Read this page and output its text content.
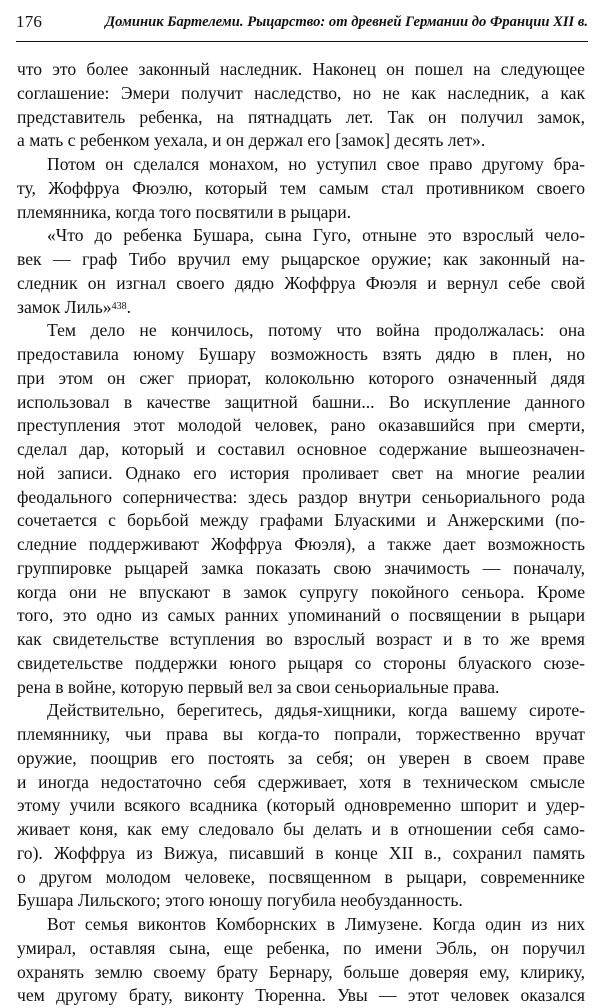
176	Доминик Бартелеми. Рыцарство: от древней Германии до Франции XII в.
что это более законный наследник. Наконец он пошел на следующее
соглашение: Эмери получит наследство, но не как наследник, а как
представитель ребенка, на пятнадцать лет. Так он получил замок,
а мать с ребенком уехала, и он держал его [замок] десять лет».
Потом он сделался монахом, но уступил свое право другому бра-
ту, Жоффруа Фюэлю, который тем самым стал противником своего
племянника, когда того посвятили в рыцари.
«Что до ребенка Бушара, сына Гуго, отныне это взрослый чело-
век — граф Тибо вручил ему рыцарское оружие; как законный на-
следник он изгнал своего дядю Жоффруа Фюэля и вернул себе свой
замок Лиль»$^{438}$.
Тем дело не кончилось, потому что война продолжалась: она
предоставила юному Бушару возможность взять дядю в плен, но
при этом он сжег приорат, колокольню которого означенный дядя
использовал в качестве защитной башни... Во искупление данного
преступления этот молодой человек, рано оказавшийся при смерти,
сделал дар, который и составил основное содержание вышеозначен-
ной записи. Однако его история проливает свет на многие реалии
феодального соперничества: здесь раздор внутри сеньориального рода
сочетается с борьбой между графами Блуаскими и Анжерскими (по-
следние поддерживают Жоффруа Фюэля), а также дает возможность
группировке рыцарей замка показать свою значимость — поначалу,
когда они не впускают в замок супругу покойного сеньора. Кроме
того, это одно из самых ранних упоминаний о посвящении в рыцари
как свидетельстве вступления во взрослый возраст и в то же время
свидетельстве поддержки юного рыцаря со стороны блуаского сюзе-
рена в войне, которую первый вел за свои сеньориальные права.
Действительно, берегитесь, дядья-хищники, когда вашему сироте-
племяннику, чьи права вы когда-то попрали, торжественно вручат
оружие, поощрив его постоять за себя; он уверен в своем праве
и иногда недостаточно себя сдерживает, хотя в техническом смысле
этому учили всякого всадника (который одновременно шпорит и удер-
живает коня, как ему следовало бы делать и в отношении себя само-
го). Жоффруа из Вижуа, писавший в конце XII в., сохранил память
о другом молодом человеке, посвященном в рыцари, современнике
Бушара Лильского; этого юношу погубила необузданность.
Вот семья виконтов Комборнских в Лимузене. Когда один из них
умирал, оставляя сына, еще ребенка, по имени Эбль, он поручил
охранять землю своему брату Бернару, больше доверяя ему, клирику,
чем другому брату, виконту Тюренна. Увы — этот человек оказался
